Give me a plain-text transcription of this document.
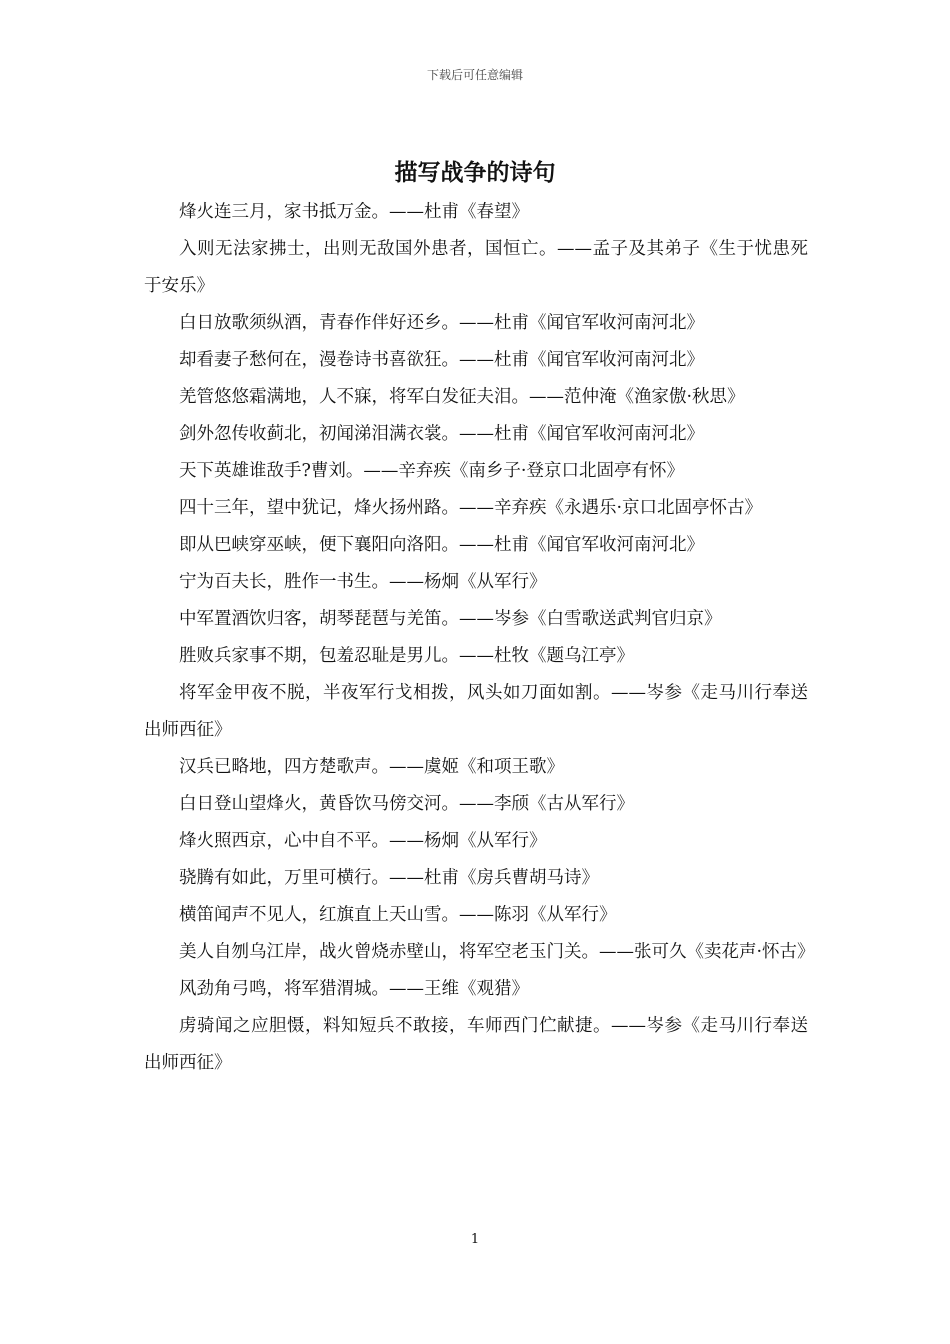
下载后可任意编辑
描写战争的诗句

烽火连三月，家书抵万金。——杜甫《春望》

入则无法家拂士，出则无敌国外患者，国恒亡。——孟子及其弟子《生于忧患死于安乐》

白日放歌须纵酒，青春作伴好还乡。——杜甫《闻官军收河南河北》

却看妻子愁何在，漫卷诗书喜欲狂。——杜甫《闻官军收河南河北》

羌管悠悠霜满地，人不寐，将军白发征夫泪。——范仲淹《渔家傲·秋思》

剑外忽传收蓟北，初闻涕泪满衣裳。——杜甫《闻官军收河南河北》

天下英雄谁敌手?曹刘。——辛弃疾《南乡子·登京口北固亭有怀》

四十三年，望中犹记，烽火扬州路。——辛弃疾《永遇乐·京口北固亭怀古》

即从巴峡穿巫峡，便下襄阳向洛阳。——杜甫《闻官军收河南河北》

宁为百夫长，胜作一书生。——杨炯《从军行》

中军置酒饮归客，胡琴琵琶与羌笛。——岑参《白雪歌送武判官归京》

胜败兵家事不期，包羞忍耻是男儿。——杜牧《题乌江亭》

将军金甲夜不脱，半夜军行戈相拨，风头如刀面如割。——岑参《走马川行奉送出师西征》

汉兵已略地，四方楚歌声。——虞姬《和项王歌》

白日登山望烽火，黄昏饮马傍交河。——李颀《古从军行》

烽火照西京，心中自不平。——杨炯《从军行》

骁腾有如此，万里可横行。——杜甫《房兵曹胡马诗》

横笛闻声不见人，红旗直上天山雪。——陈羽《从军行》

美人自刎乌江岸，战火曾烧赤壁山，将军空老玉门关。——张可久《卖花声·怀古》

风劲角弓鸣，将军猎渭城。——王维《观猎》

虏骑闻之应胆慑，料知短兵不敢接，车师西门伫献捷。——岑参《走马川行奉送出师西征》

1
